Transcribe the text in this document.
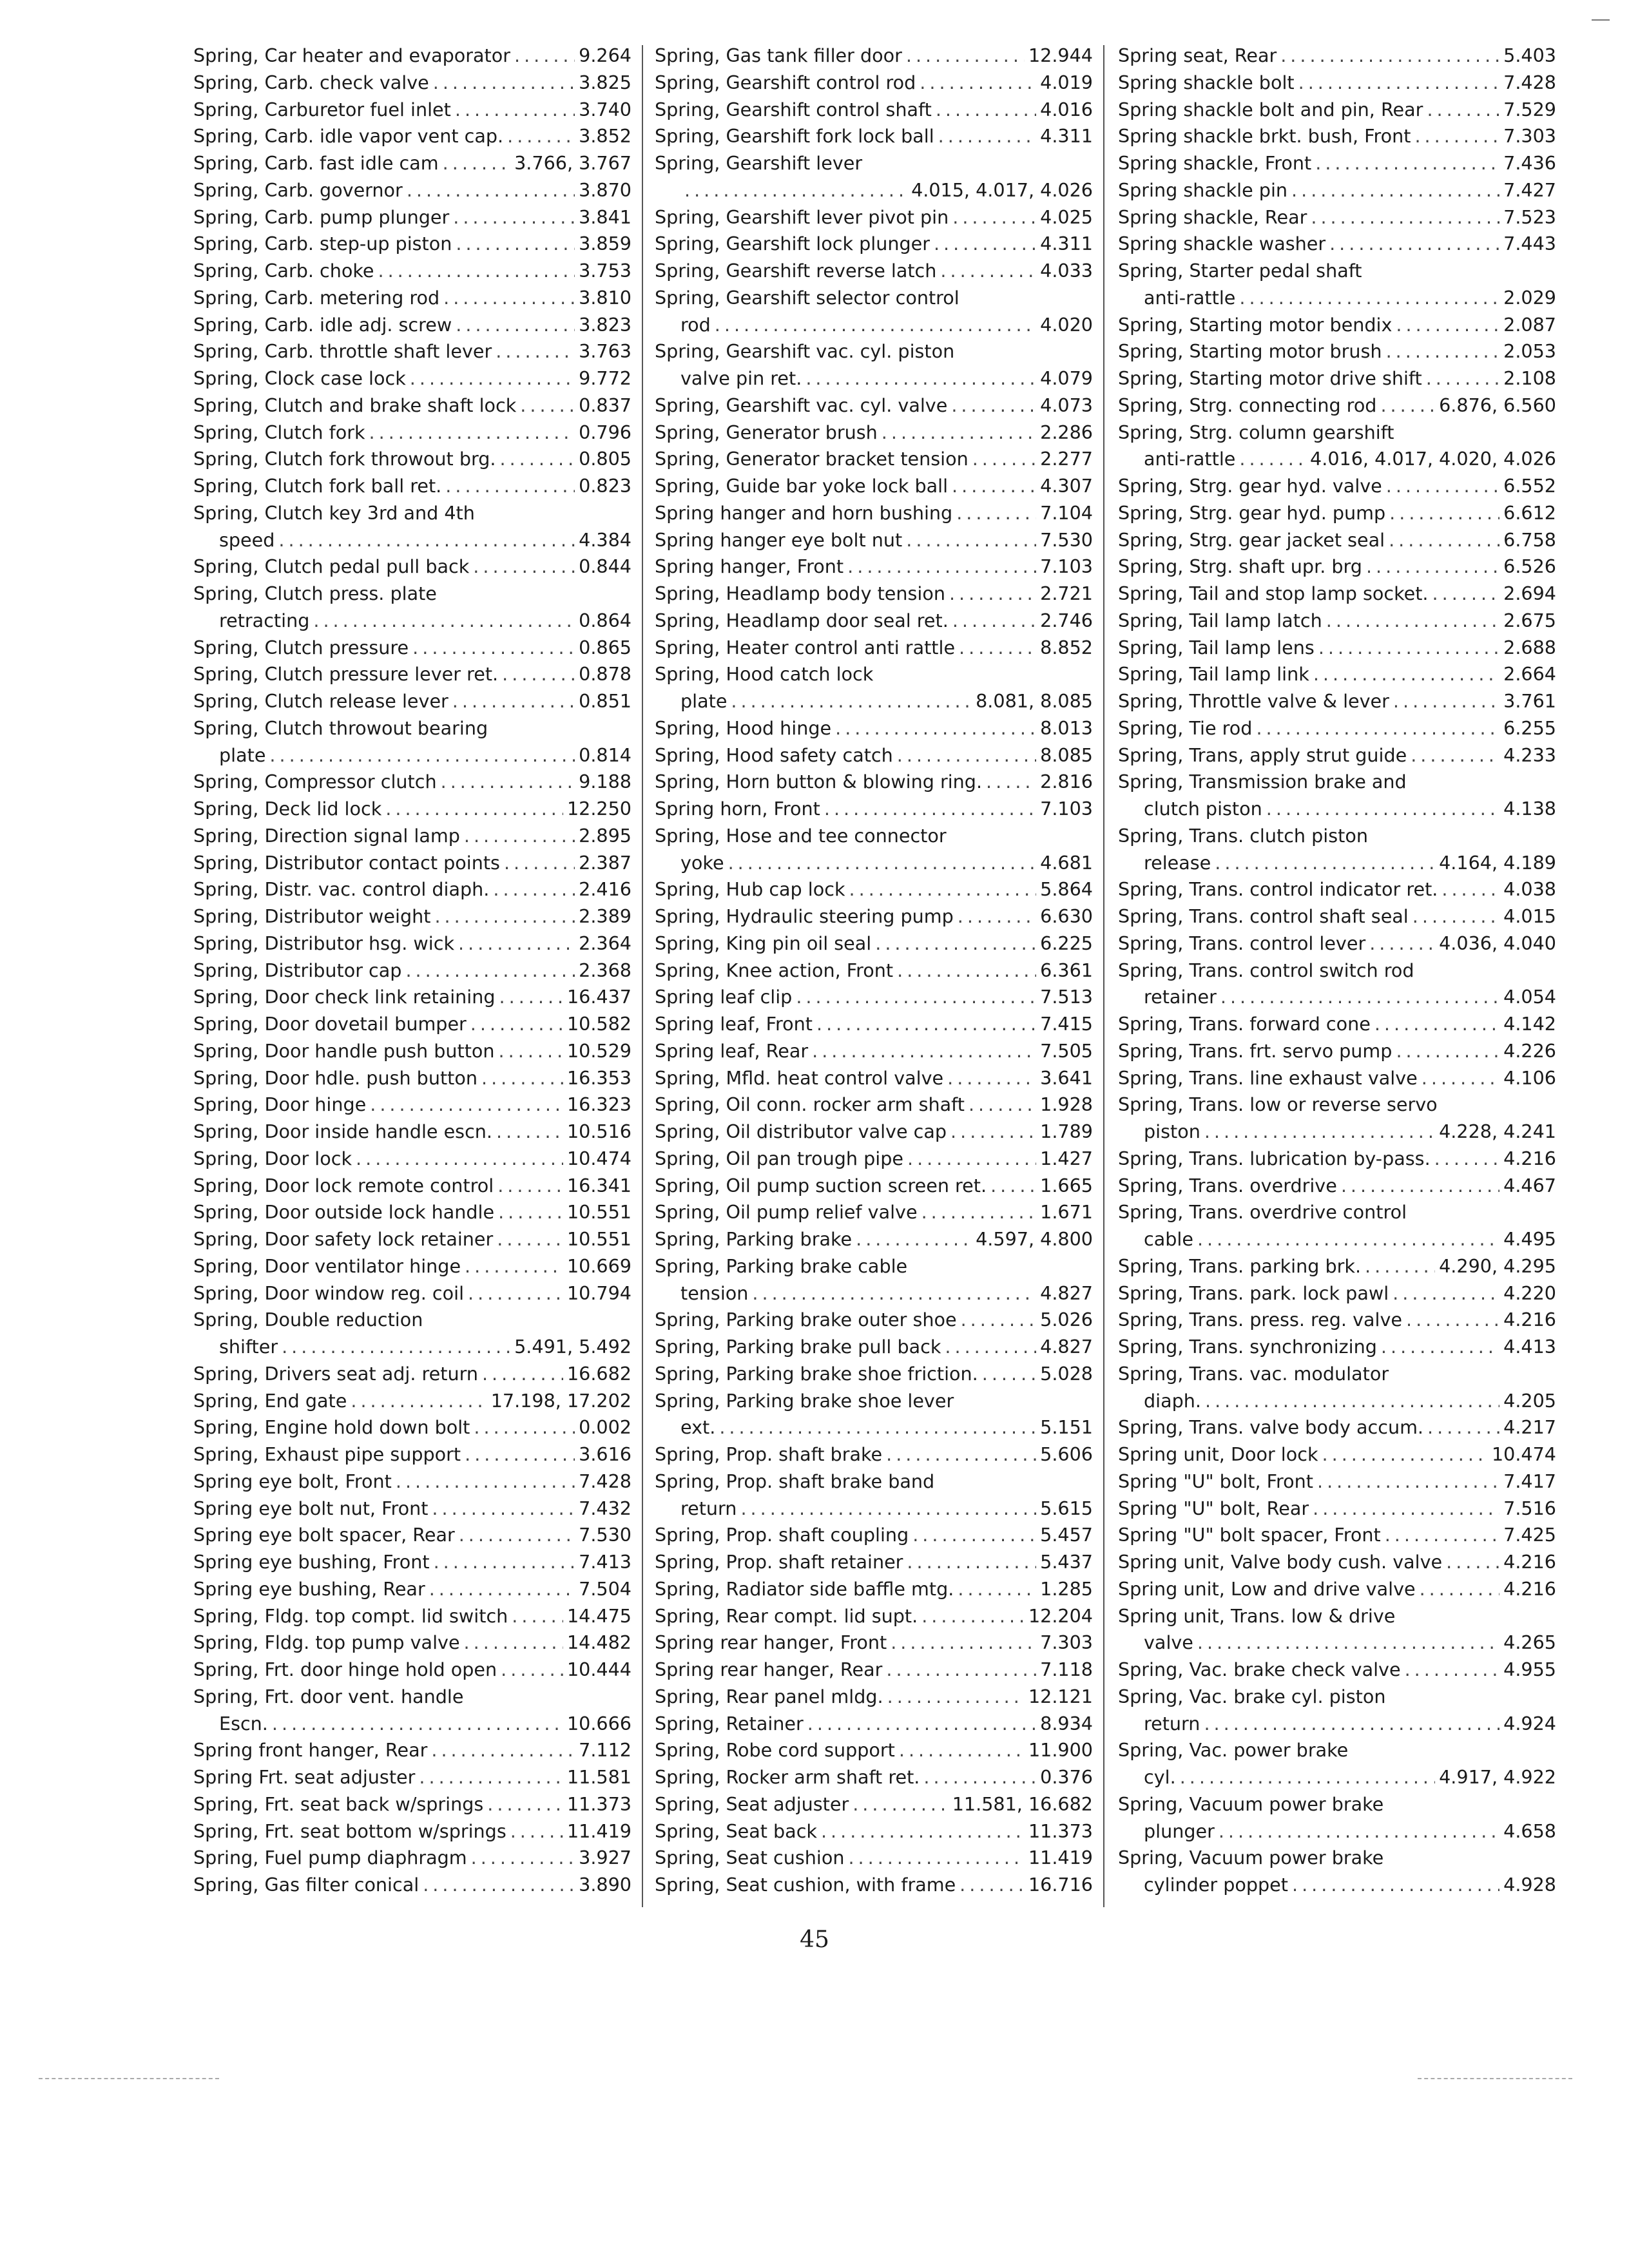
Spring, Car heater and evaporator .....	9.264
Spring, Carb. check valve .....	3.825
Spring, Carburetor fuel inlet .....	3.740
Spring, Carb. idle vapor vent cap. .....	3.852
Spring, Carb. fast idle cam .....	3.766, 3.767
Spring, Carb. governor .....	3.870
Spring, Carb. pump plunger .....	3.841
Spring, Carb. step-up piston .....	3.859
Spring, Carb. choke .....	3.753
Spring, Carb. metering rod .....	3.810
Spring, Carb. idle adj. screw .....	3.823
Spring, Carb. throttle shaft lever .....	3.763
Spring, Clock case lock .....	9.772
Spring, Clutch and brake shaft lock .....	0.837
Spring, Clutch fork .....	0.796
Spring, Clutch fork throwout brg. .....	0.805
Spring, Clutch fork ball ret. .....	0.823
Spring, Clutch key 3rd and 4th
speed .....	4.384
Spring, Clutch pedal pull back .....	0.844
Spring, Clutch press. plate
retracting .....	0.864
Spring, Clutch pressure .....	0.865
Spring, Clutch pressure lever ret. .....	0.878
Spring, Clutch release lever .....	0.851
Spring, Clutch throwout bearing
plate .....	0.814
Spring, Compressor clutch .....	9.188
Spring, Deck lid lock .....	12.250
Spring, Direction signal lamp .....	2.895
Spring, Distributor contact points .....	2.387
Spring, Distr. vac. control diaph. .....	2.416
Spring, Distributor weight .....	2.389
Spring, Distributor hsg. wick .....	2.364
Spring, Distributor cap .....	2.368
Spring, Door check link retaining .....	16.437
Spring, Door dovetail bumper .....	10.582
Spring, Door handle push button .....	10.529
Spring, Door hdle. push button .....	16.353
Spring, Door hinge .....	16.323
Spring, Door inside handle escn. .....	10.516
Spring, Door lock .....	10.474
Spring, Door lock remote control .....	16.341
Spring, Door outside lock handle .....	10.551
Spring, Door safety lock retainer .....	10.551
Spring, Door ventilator hinge .....	10.669
Spring, Door window reg. coil .....	10.794
Spring, Double reduction
shifter .....	5.491, 5.492
Spring, Drivers seat adj. return .....	16.682
Spring, End gate .....	17.198, 17.202
Spring, Engine hold down bolt .....	0.002
Spring, Exhaust pipe support .....	3.616
Spring eye bolt, Front .....	7.428
Spring eye bolt nut, Front .....	7.432
Spring eye bolt spacer, Rear .....	7.530
Spring eye bushing, Front .....	7.413
Spring eye bushing, Rear .....	7.504
Spring, Fldg. top compt. lid switch .....	14.475
Spring, Fldg. top pump valve .....	14.482
Spring, Frt. door hinge hold open .....	10.444
Spring, Frt. door vent. handle
Escn. .....	10.666
Spring front hanger, Rear .....	7.112
Spring Frt. seat adjuster .....	11.581
Spring, Frt. seat back w/springs .....	11.373
Spring, Frt. seat bottom w/springs .....	11.419
Spring, Fuel pump diaphragm .....	3.927
Spring, Gas filter conical .....	3.890
Spring, Gas tank filler door .....	12.944
Spring, Gearshift control rod .....	4.019
Spring, Gearshift control shaft .....	4.016
Spring, Gearshift fork lock ball .....	4.311
Spring, Gearshift lever
.....
4.015, 4.017, 4.026
Spring, Gearshift lever pivot pin .....	4.025
Spring, Gearshift lock plunger .....	4.311
Spring, Gearshift reverse latch .....	4.033
Spring, Gearshift selector control
rod .....	4.020
Spring, Gearshift vac. cyl. piston
valve pin ret. .....	4.079
Spring, Gearshift vac. cyl. valve .....	4.073
Spring, Generator brush .....	2.286
Spring, Generator bracket tension .....	2.277
Spring, Guide bar yoke lock ball .....	4.307
Spring hanger and horn bushing .....	7.104
Spring hanger eye bolt nut .....	7.530
Spring hanger, Front .....	7.103
Spring, Headlamp body tension .....	2.721
Spring, Headlamp door seal ret. .....	2.746
Spring, Heater control anti rattle .....	8.852
Spring, Hood catch lock
plate .....	8.081, 8.085
Spring, Hood hinge .....	8.013
Spring, Hood safety catch .....	8.085
Spring, Horn button & blowing ring. .....	2.816
Spring horn, Front .....	7.103
Spring, Hose and tee connector
yoke .....	4.681
Spring, Hub cap lock .....	5.864
Spring, Hydraulic steering pump .....	6.630
Spring, King pin oil seal .....	6.225
Spring, Knee action, Front .....	6.361
Spring leaf clip .....	7.513
Spring leaf, Front .....	7.415
Spring leaf, Rear .....	7.505
Spring, Mfld. heat control valve .....	3.641
Spring, Oil conn. rocker arm shaft .....	1.928
Spring, Oil distributor valve cap .....	1.789
Spring, Oil pan trough pipe .....	1.427
Spring, Oil pump suction screen ret. .....	1.665
Spring, Oil pump relief valve .....	1.671
Spring, Parking brake .....	4.597, 4.800
Spring, Parking brake cable
tension .....	4.827
Spring, Parking brake outer shoe .....	5.026
Spring, Parking brake pull back .....	4.827
Spring, Parking brake shoe friction. .....	5.028
Spring, Parking brake shoe lever
ext. .....	5.151
Spring, Prop. shaft brake .....	5.606
Spring, Prop. shaft brake band
return .....	5.615
Spring, Prop. shaft coupling .....	5.457
Spring, Prop. shaft retainer .....	5.437
Spring, Radiator side baffle mtg. .....	1.285
Spring, Rear compt. lid supt. .....	12.204
Spring rear hanger, Front .....	7.303
Spring rear hanger, Rear .....	7.118
Spring, Rear panel mldg. .....	12.121
Spring, Retainer .....	8.934
Spring, Robe cord support .....	11.900
Spring, Rocker arm shaft ret. .....	0.376
Spring, Seat adjuster .....	11.581, 16.682
Spring, Seat back .....	11.373
Spring, Seat cushion .....	11.419
Spring, Seat cushion, with frame .....	16.716
Spring seat, Rear .....	5.403
Spring shackle bolt .....	7.428
Spring shackle bolt and pin, Rear .....	7.529
Spring shackle brkt. bush, Front .....	7.303
Spring shackle, Front .....	7.436
Spring shackle pin .....	7.427
Spring shackle, Rear .....	7.523
Spring shackle washer .....	7.443
Spring, Starter pedal shaft
anti-rattle .....	2.029
Spring, Starting motor bendix .....	2.087
Spring, Starting motor brush .....	2.053
Spring, Starting motor drive shift .....	2.108
Spring, Strg. connecting rod .....	6.876, 6.560
Spring, Strg. column gearshift
anti-rattle .....	4.016, 4.017, 4.020, 4.026
Spring, Strg. gear hyd. valve .....	6.552
Spring, Strg. gear hyd. pump .....	6.612
Spring, Strg. gear jacket seal .....	6.758
Spring, Strg. shaft upr. brg .....	6.526
Spring, Tail and stop lamp socket. .....	2.694
Spring, Tail lamp latch .....	2.675
Spring, Tail lamp lens .....	2.688
Spring, Tail lamp link .....	2.664
Spring, Throttle valve & lever .....	3.761
Spring, Tie rod .....	6.255
Spring, Trans, apply strut guide .....	4.233
Spring, Transmission brake and
clutch piston .....	4.138
Spring, Trans. clutch piston
release .....	4.164, 4.189
Spring, Trans. control indicator ret. .....	4.038
Spring, Trans. control shaft seal .....	4.015
Spring, Trans. control lever .....	4.036, 4.040
Spring, Trans. control switch rod
retainer .....	4.054
Spring, Trans. forward cone .....	4.142
Spring, Trans. frt. servo pump .....	4.226
Spring, Trans. line exhaust valve .....	4.106
Spring, Trans. low or reverse servo
piston .....	4.228, 4.241
Spring, Trans. lubrication by-pass. .....	4.216
Spring, Trans. overdrive .....	4.467
Spring, Trans. overdrive control
cable .....	4.495
Spring, Trans. parking brk. .....	4.290, 4.295
Spring, Trans. park. lock pawl .....	4.220
Spring, Trans. press. reg. valve .....	4.216
Spring, Trans. synchronizing .....	4.413
Spring, Trans. vac. modulator
diaph. .....	4.205
Spring, Trans. valve body accum. .....	4.217
Spring unit, Door lock .....	10.474
Spring "U" bolt, Front .....	7.417
Spring "U" bolt, Rear .....	7.516
Spring "U" bolt spacer, Front .....	7.425
Spring unit, Valve body cush. valve .....	4.216
Spring unit, Low and drive valve .....	4.216
Spring unit, Trans. low & drive
valve .....	4.265
Spring, Vac. brake check valve .....	4.955
Spring, Vac. brake cyl. piston
return .....	4.924
Spring, Vac. power brake
cyl. .....	4.917, 4.922
Spring, Vacuum power brake
plunger .....	4.658
Spring, Vacuum power brake
cylinder poppet .....	4.928
45
